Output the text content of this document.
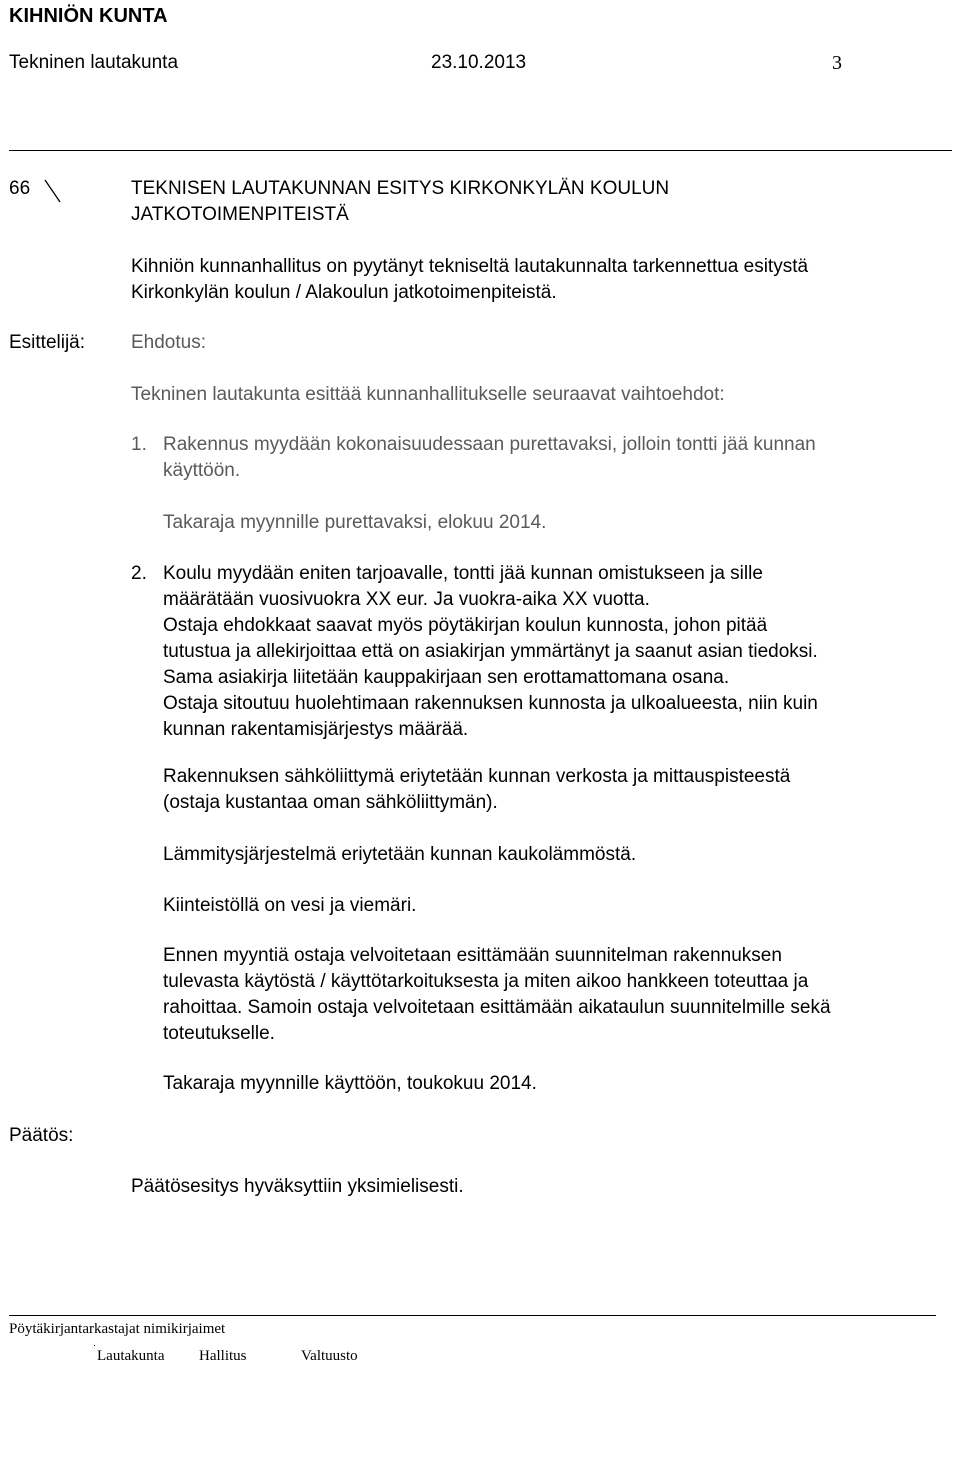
KIHNIÖN KUNTA
Tekninen lautakunta	23.10.2013	3
66	TEKNISEN LAUTAKUNNAN ESITYS KIRKONKYLÄN KOULUN
JATKOTOIMENPITEISTÄ
Kihniön kunnanhallitus on pyytänyt tekniseltä lautakunnalta tarkennettua esitystä
Kirkonkylän koulun / Alakoulun jatkotoimenpiteistä.
Esittelijä: Ehdotus:
Tekninen lautakunta esittää kunnanhallitukselle seuraavat vaihtoehdot:
1. Rakennus myydään kokonaisuudessaan purettavaksi, jolloin tontti jää kunnan
käyttöön.
Takaraja myynnille purettavaksi, elokuu 2014.
2. Koulu myydään eniten tarjoavalle, tontti jää kunnan omistukseen ja sille
määrätään vuosivuokra XX eur. Ja vuokra-aika XX vuotta.
Ostaja ehdokkaat saavat myös pöytäkirjan koulun kunnosta, johon pitää
tutustua ja allekirjoittaa että on asiakirjan ymmärtänyt ja saanut asian tiedoksi.
Sama asiakirja liitetään kauppakirjaan sen erottamattomana osana.
Ostaja sitoutuu huolehtimaan rakennuksen kunnosta ja ulkoalueesta, niin kuin
kunnan rakentamisjärjestys määrää.
Rakennuksen sähköliittymä eriytetään kunnan verkosta ja mittauspisteestä
(ostaja kustantaa oman sähköliittymän).
Lämmitysjärjestelmä eriytetään kunnan kaukolämmöstä.
Kiinteistöllä on vesi ja viemäri.
Ennen myyntiä ostaja velvoitetaan esittämään suunnitelman rakennuksen
tulevasta käytöstä / käyttötarkoituksesta ja miten aikoo hankkeen toteuttaa ja
rahoittaa. Samoin ostaja velvoitetaan esittämään aikataulun suunnitelmille sekä
toteutukselle.
Takaraja myynnille käyttöön, toukokuu 2014.
Päätös:
Päätösesitys hyväksyttiin yksimielisesti.
Pöytäkirjantarkastajat nimikirjaimet
Lautakunta Hallitus	Valtuusto
